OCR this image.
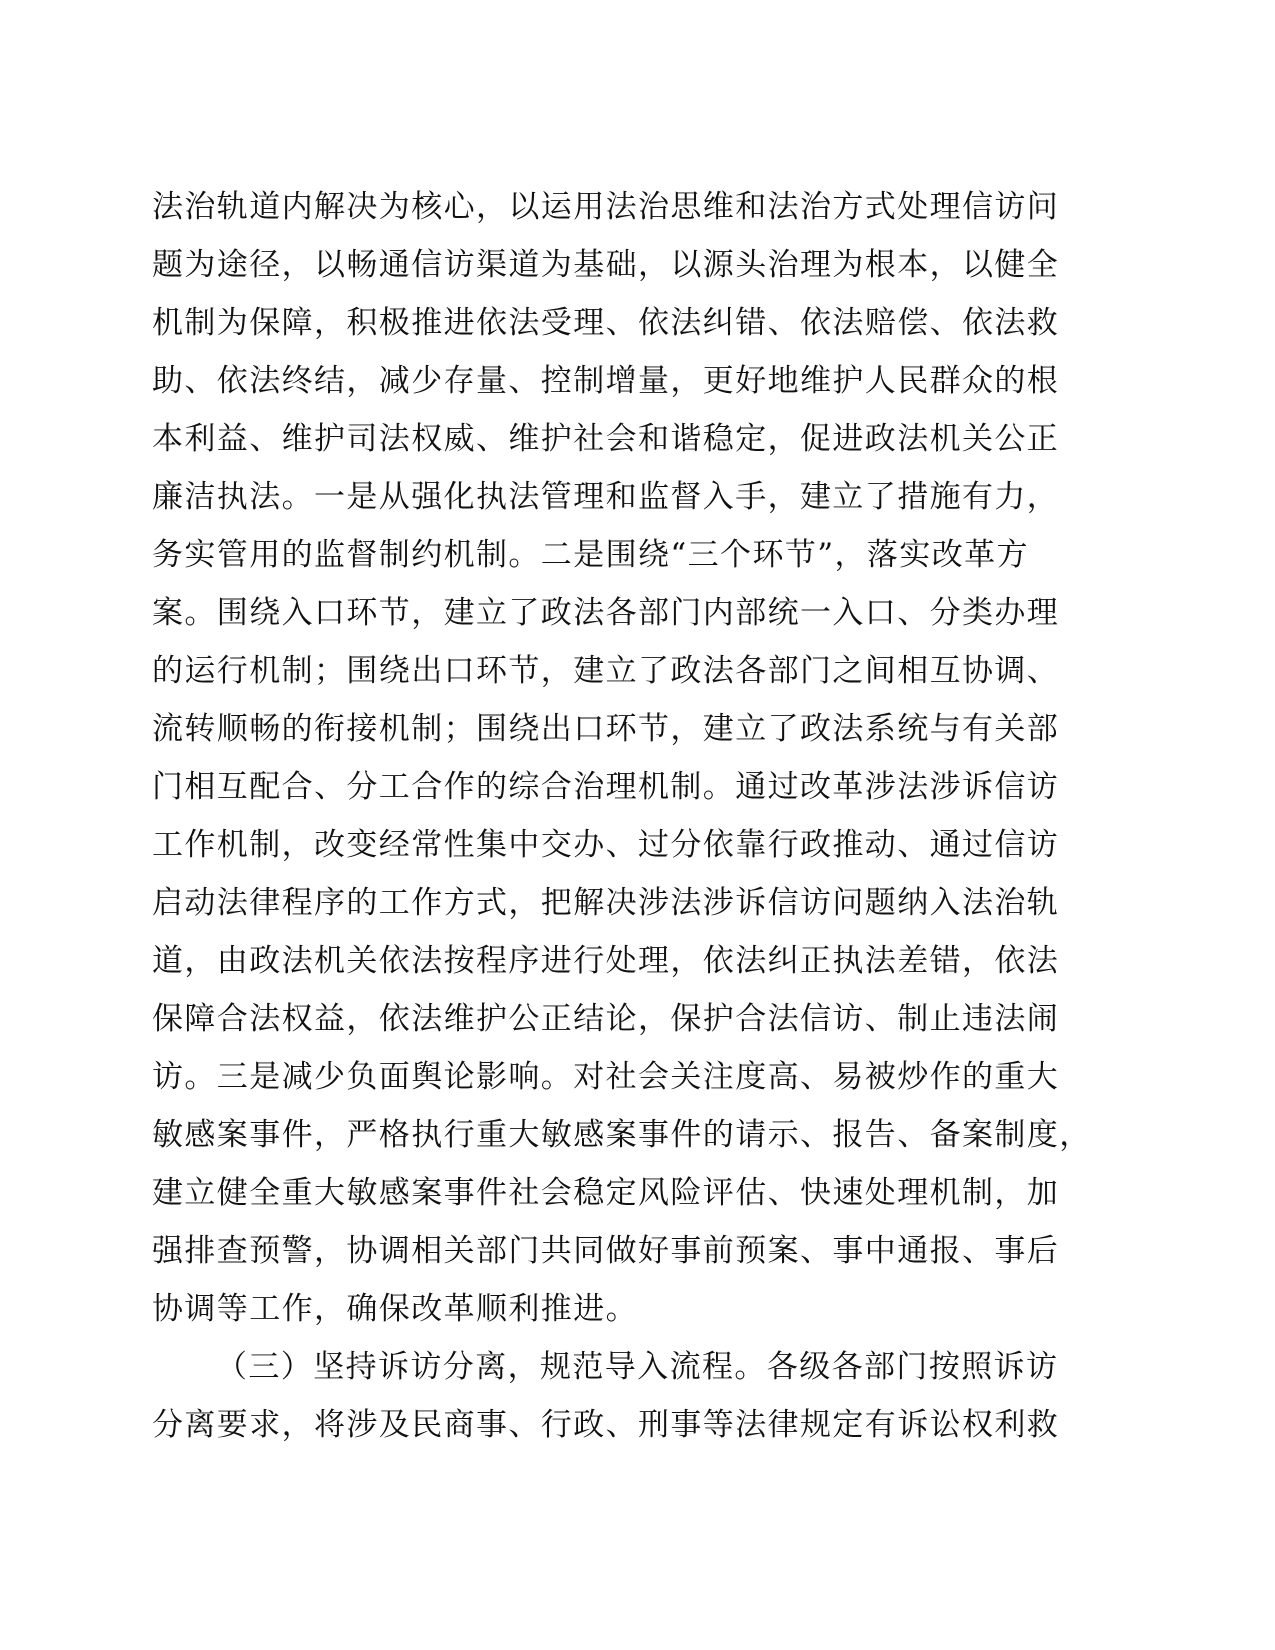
法治轨道内解决为核心，以运用法治思维和法治方式处理信访问
题为途径，以畅通信访渠道为基础，以源头治理为根本，以健全
机制为保障，积极推进依法受理、依法纠错、依法赔偿、依法救
助、依法终结，减少存量、控制增量，更好地维护人民群众的根
本利益、维护司法权威、维护社会和谐稳定，促进政法机关公正
廉洁执法。一是从强化执法管理和监督入手，建立了措施有力，
务实管用的监督制约机制。二是围绕“三个环节”，落实改革方
案。围绕入口环节，建立了政法各部门内部统一入口、分类办理
的运行机制；围绕出口环节，建立了政法各部门之间相互协调、
流转顺畅的衔接机制；围绕出口环节，建立了政法系统与有关部
门相互配合、分工合作的综合治理机制。通过改革涉法涉诉信访
工作机制，改变经常性集中交办、过分依靠行政推动、通过信访
启动法律程序的工作方式，把解决涉法涉诉信访问题纳入法治轨
道，由政法机关依法按程序进行处理，依法纠正执法差错，依法
保障合法权益，依法维护公正结论，保护合法信访、制止违法闹
访。三是减少负面舆论影响。对社会关注度高、易被炒作的重大
敏感案事件，严格执行重大敏感案事件的请示、报告、备案制度，
建立健全重大敏感案事件社会稳定风险评估、快速处理机制，加
强排查预警，协调相关部门共同做好事前预案、事中通报、事后
协调等工作，确保改革顺利推进。
（三）坚持诉访分离，规范导入流程。各级各部门按照诉访
分离要求，将涉及民商事、行政、刑事等法律规定有诉讼权利救
